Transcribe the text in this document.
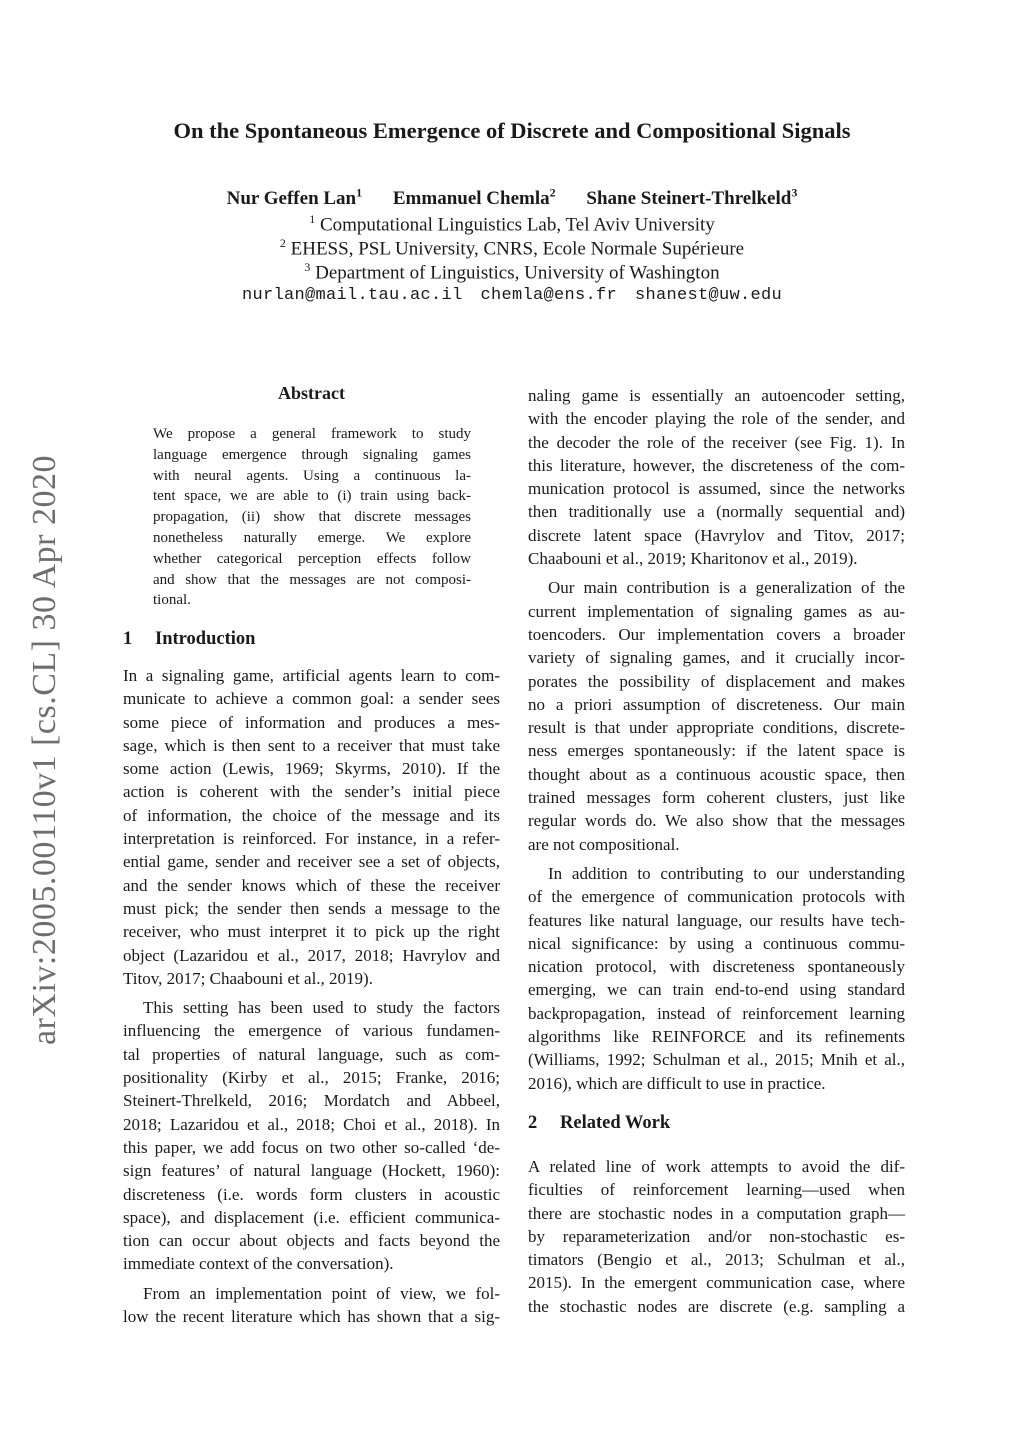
arXiv:2005.00110v1 [cs.CL] 30 Apr 2020
On the Spontaneous Emergence of Discrete and Compositional Signals
Nur Geffen Lan$^1$ Emmanuel Chemla$^2$ Shane Steinert-Threlkeld$^3$
$^1$ Computational Linguistics Lab, Tel Aviv University
$^2$ EHESS, PSL University, CNRS, Ecole Normale Supérieure
$^3$ Department of Linguistics, University of Washington
nurlan@mail.tau.ac.il chemla@ens.fr shanest@uw.edu
Abstract
We propose a general framework to study
language emergence through signaling games
with neural agents. Using a continuous la-
tent space, we are able to (i) train using back-
propagation, (ii) show that discrete messages
nonetheless naturally emerge. We explore
whether categorical perception effects follow
and show that the messages are not composi-
tional.
1 Introduction
In a signaling game, artificial agents learn to com-
municate to achieve a common goal: a sender sees
some piece of information and produces a mes-
sage, which is then sent to a receiver that must take
some action (Lewis, 1969; Skyrms, 2010). If the
action is coherent with the sender’s initial piece
of information, the choice of the message and its
interpretation is reinforced. For instance, in a refer-
ential game, sender and receiver see a set of objects,
and the sender knows which of these the receiver
must pick; the sender then sends a message to the
receiver, who must interpret it to pick up the right
object (Lazaridou et al., 2017, 2018; Havrylov and
Titov, 2017; Chaabouni et al., 2019).
This setting has been used to study the factors
influencing the emergence of various fundamen-
tal properties of natural language, such as com-
positionality (Kirby et al., 2015; Franke, 2016;
Steinert-Threlkeld, 2016; Mordatch and Abbeel,
2018; Lazaridou et al., 2018; Choi et al., 2018). In
this paper, we add focus on two other so-called ‘de-
sign features’ of natural language (Hockett, 1960):
discreteness (i.e. words form clusters in acoustic
space), and displacement (i.e. efficient communica-
tion can occur about objects and facts beyond the
immediate context of the conversation).
From an implementation point of view, we fol-
low the recent literature which has shown that a sig-
naling game is essentially an autoencoder setting,
with the encoder playing the role of the sender, and
the decoder the role of the receiver (see Fig. 1). In
this literature, however, the discreteness of the com-
munication protocol is assumed, since the networks
then traditionally use a (normally sequential and)
discrete latent space (Havrylov and Titov, 2017;
Chaabouni et al., 2019; Kharitonov et al., 2019).
Our main contribution is a generalization of the
current implementation of signaling games as au-
toencoders. Our implementation covers a broader
variety of signaling games, and it crucially incor-
porates the possibility of displacement and makes
no a priori assumption of discreteness. Our main
result is that under appropriate conditions, discrete-
ness emerges spontaneously: if the latent space is
thought about as a continuous acoustic space, then
trained messages form coherent clusters, just like
regular words do. We also show that the messages
are not compositional.
In addition to contributing to our understanding
of the emergence of communication protocols with
features like natural language, our results have tech-
nical significance: by using a continuous commu-
nication protocol, with discreteness spontaneously
emerging, we can train end-to-end using standard
backpropagation, instead of reinforcement learning
algorithms like REINFORCE and its refinements
(Williams, 1992; Schulman et al., 2015; Mnih et al.,
2016), which are difficult to use in practice.
2 Related Work
A related line of work attempts to avoid the dif-
ficulties of reinforcement learning—used when
there are stochastic nodes in a computation graph—
by reparameterization and/or non-stochastic es-
timators (Bengio et al., 2013; Schulman et al.,
2015). In the emergent communication case, where
the stochastic nodes are discrete (e.g. sampling a
